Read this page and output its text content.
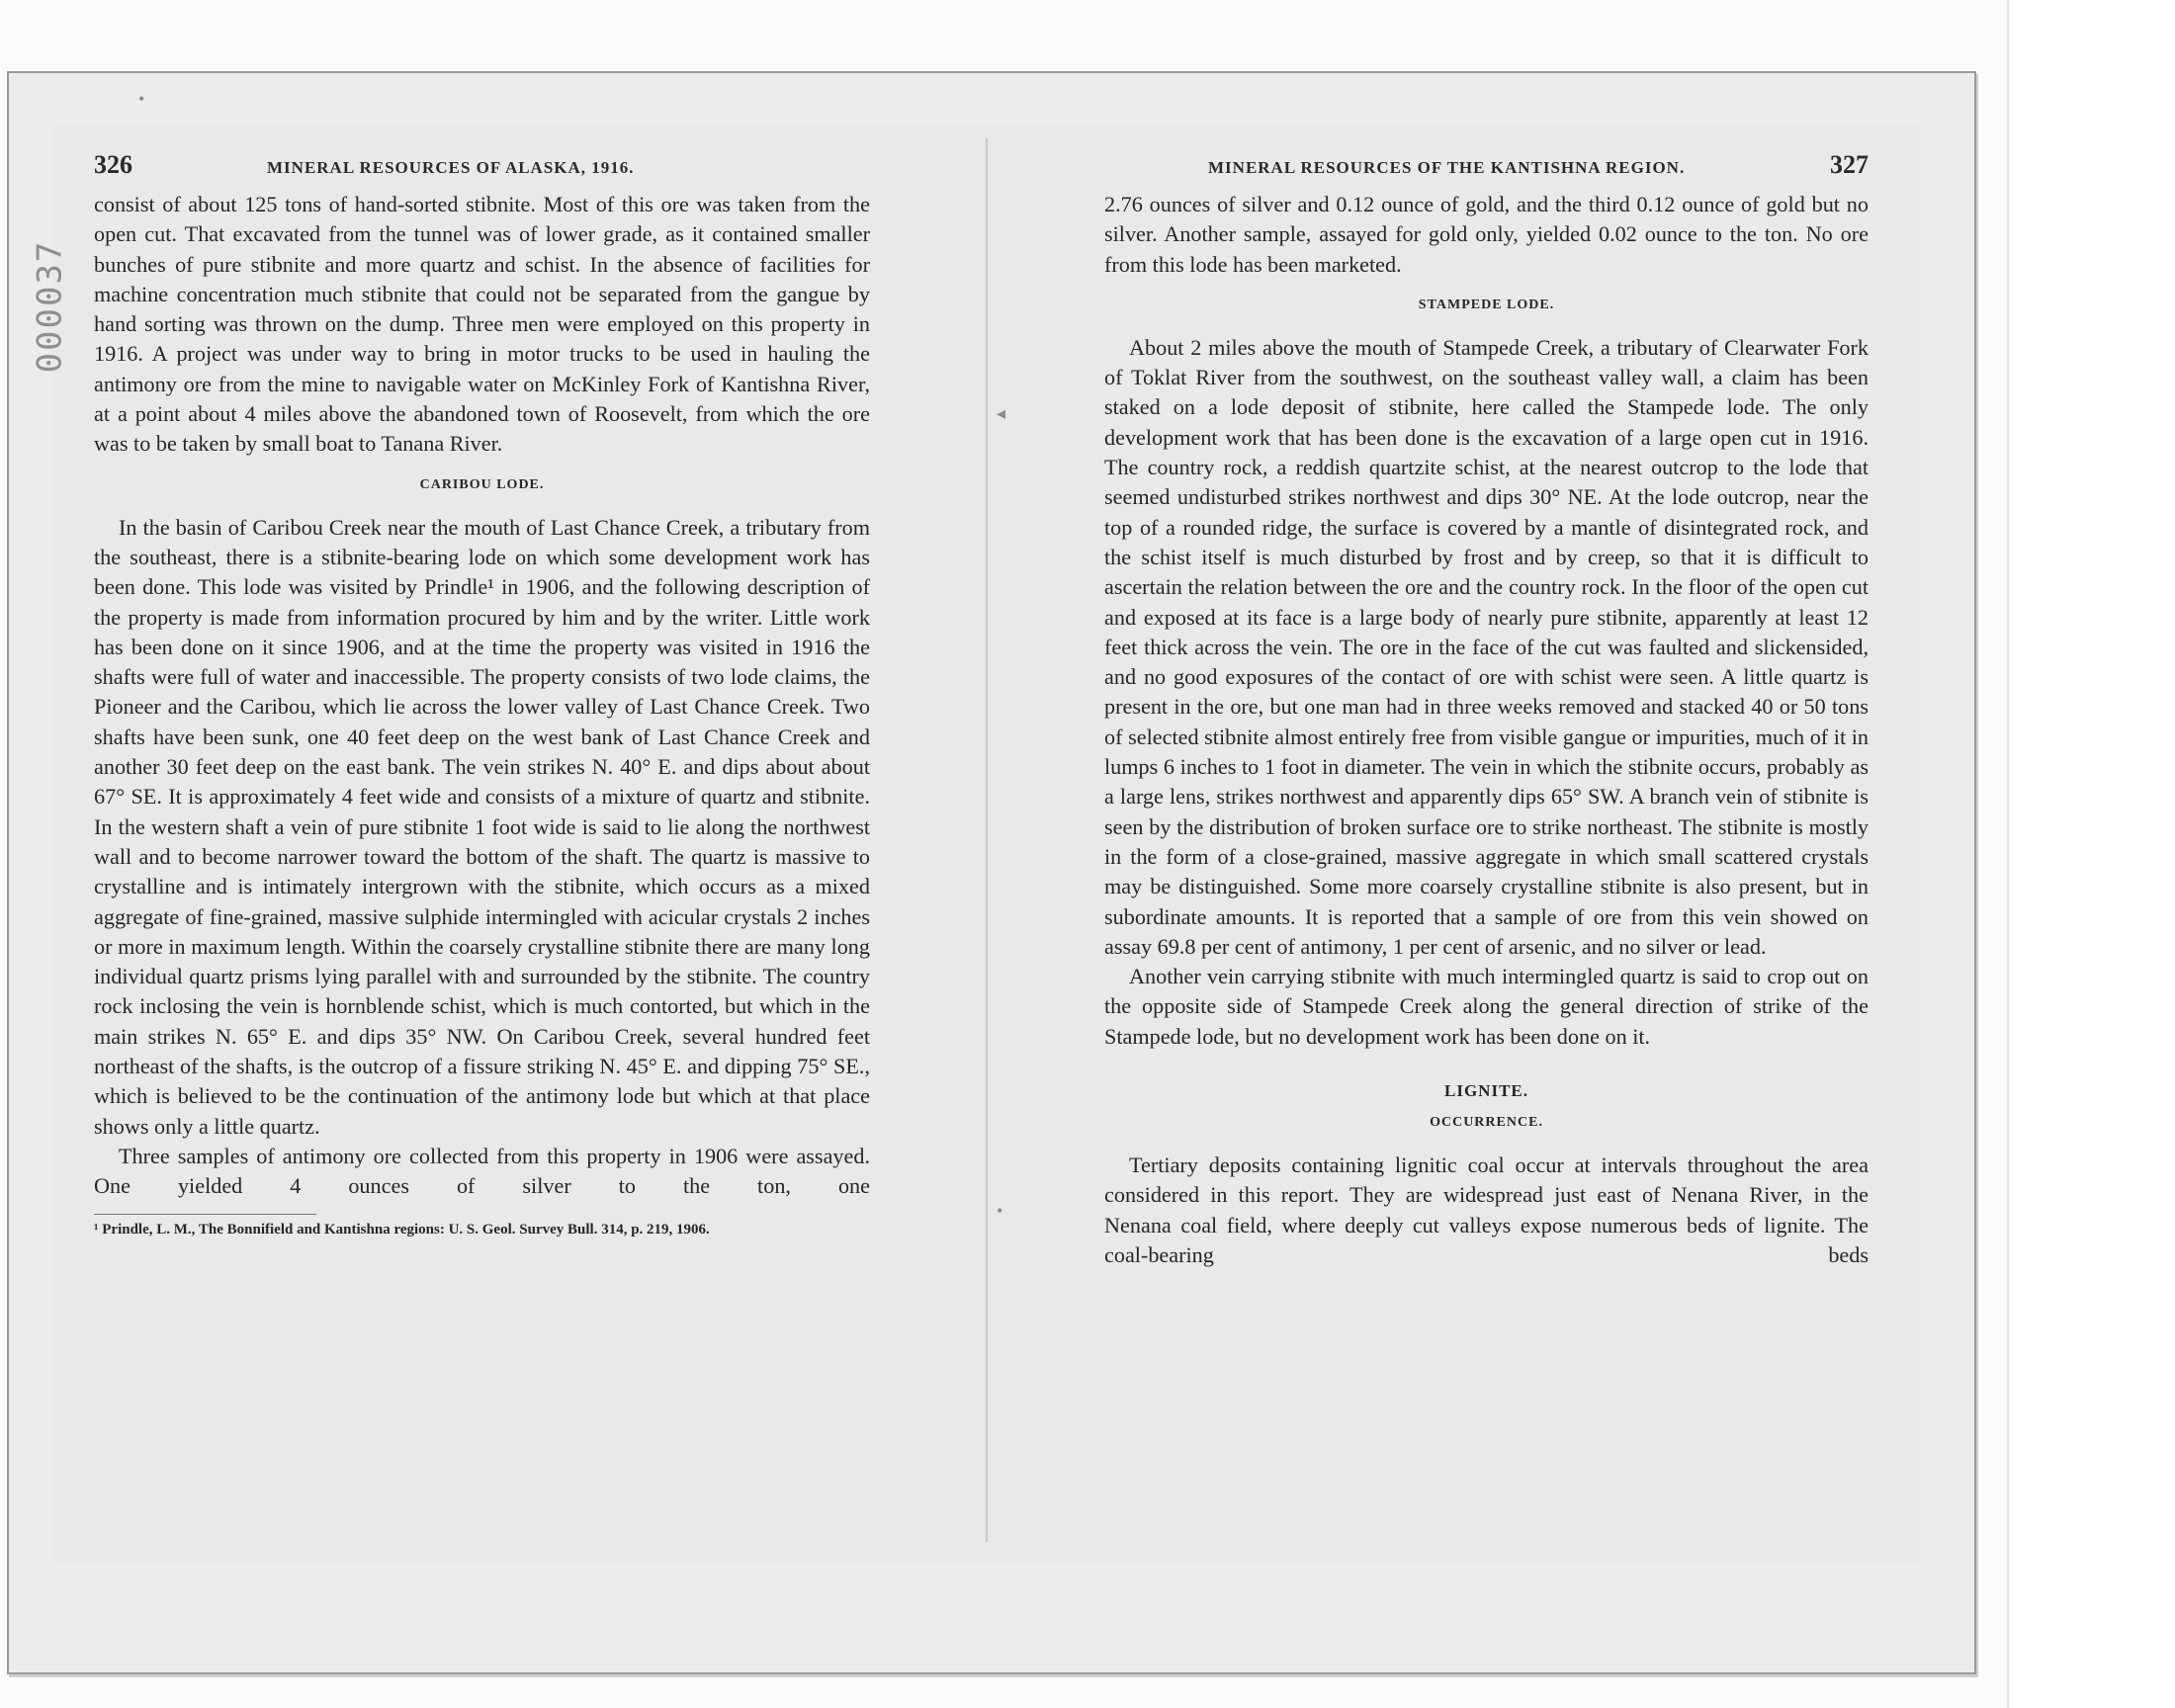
000037
•
◂
•
326	MINERAL RESOURCES OF ALASKA, 1916.

consist of about 125 tons of hand-sorted stibnite. Most of this ore was taken from the open cut. That excavated from the tunnel was of lower grade, as it contained smaller bunches of pure stibnite and more quartz and schist. In the absence of facilities for machine concentration much stibnite that could not be separated from the gangue by hand sorting was thrown on the dump. Three men were employed on this property in 1916. A project was under way to bring in motor trucks to be used in hauling the antimony ore from the mine to navigable water on McKinley Fork of Kantishna River, at a point about 4 miles above the abandoned town of Roosevelt, from which the ore was to be taken by small boat to Tanana River.

CARIBOU LODE.

In the basin of Caribou Creek near the mouth of Last Chance Creek, a tributary from the southeast, there is a stibnite-bearing lode on which some development work has been done. This lode was visited by Prindle¹ in 1906, and the following description of the property is made from information procured by him and by the writer. Little work has been done on it since 1906, and at the time the property was visited in 1916 the shafts were full of water and inaccessible. The property consists of two lode claims, the Pioneer and the Caribou, which lie across the lower valley of Last Chance Creek. Two shafts have been sunk, one 40 feet deep on the west bank of Last Chance Creek and another 30 feet deep on the east bank. The vein strikes N. 40° E. and dips about about 67° SE. It is approximately 4 feet wide and consists of a mixture of quartz and stibnite. In the western shaft a vein of pure stibnite 1 foot wide is said to lie along the northwest wall and to become narrower toward the bottom of the shaft. The quartz is massive to crystalline and is intimately intergrown with the stibnite, which occurs as a mixed aggregate of fine-grained, massive sulphide intermingled with acicular crystals 2 inches or more in maximum length. Within the coarsely crystalline stibnite there are many long individual quartz prisms lying parallel with and surrounded by the stibnite. The country rock inclosing the vein is hornblende schist, which is much contorted, but which in the main strikes N. 65° E. and dips 35° NW. On Caribou Creek, several hundred feet northeast of the shafts, is the outcrop of a fissure striking N. 45° E. and dipping 75° SE., which is believed to be the continuation of the antimony lode but which at that place shows only a little quartz.

Three samples of antimony ore collected from this property in 1906 were assayed. One yielded 4 ounces of silver to the ton, one

¹ Prindle, L. M., The Bonnifield and Kantishna regions: U. S. Geol. Survey Bull. 314, p. 219, 1906.

MINERAL RESOURCES OF THE KANTISHNA REGION.	327

2.76 ounces of silver and 0.12 ounce of gold, and the third 0.12 ounce of gold but no silver. Another sample, assayed for gold only, yielded 0.02 ounce to the ton. No ore from this lode has been marketed.

STAMPEDE LODE.

About 2 miles above the mouth of Stampede Creek, a tributary of Clearwater Fork of Toklat River from the southwest, on the southeast valley wall, a claim has been staked on a lode deposit of stibnite, here called the Stampede lode. The only development work that has been done is the excavation of a large open cut in 1916. The country rock, a reddish quartzite schist, at the nearest outcrop to the lode that seemed undisturbed strikes northwest and dips 30° NE. At the lode outcrop, near the top of a rounded ridge, the surface is covered by a mantle of disintegrated rock, and the schist itself is much disturbed by frost and by creep, so that it is difficult to ascertain the relation between the ore and the country rock. In the floor of the open cut and exposed at its face is a large body of nearly pure stibnite, apparently at least 12 feet thick across the vein. The ore in the face of the cut was faulted and slickensided, and no good exposures of the contact of ore with schist were seen. A little quartz is present in the ore, but one man had in three weeks removed and stacked 40 or 50 tons of selected stibnite almost entirely free from visible gangue or impurities, much of it in lumps 6 inches to 1 foot in diameter. The vein in which the stibnite occurs, probably as a large lens, strikes northwest and apparently dips 65° SW. A branch vein of stibnite is seen by the distribution of broken surface ore to strike northeast. The stibnite is mostly in the form of a close-grained, massive aggregate in which small scattered crystals may be distinguished. Some more coarsely crystalline stibnite is also present, but in subordinate amounts. It is reported that a sample of ore from this vein showed on assay 69.8 per cent of antimony, 1 per cent of arsenic, and no silver or lead.

Another vein carrying stibnite with much intermingled quartz is said to crop out on the opposite side of Stampede Creek along the general direction of strike of the Stampede lode, but no development work has been done on it.

LIGNITE.
OCCURRENCE.

Tertiary deposits containing lignitic coal occur at intervals throughout the area considered in this report. They are widespread just east of Nenana River, in the Nenana coal field, where deeply cut valleys expose numerous beds of lignite. The coal-bearing beds
